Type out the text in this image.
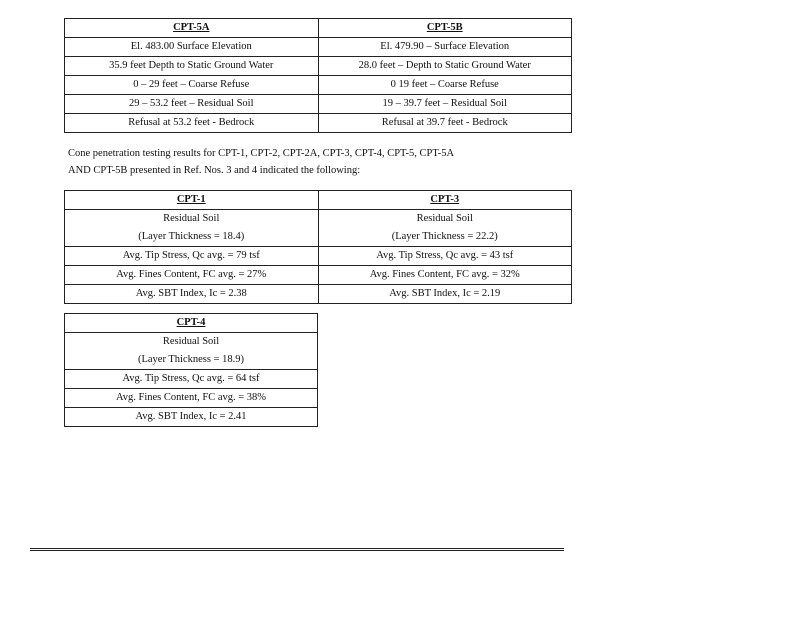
CPT-5A	CPT-5B
El. 483.00 Surface Elevation	El. 479.90 – Surface Elevation
35.9 feet Depth to Static Ground Water	28.0 feet – Depth to Static Ground Water
0 – 29 feet – Coarse Refuse	0 19 feet – Coarse Refuse
29 – 53.2 feet – Residual Soil	19 – 39.7 feet – Residual Soil
Refusal at 53.2 feet - Bedrock	Refusal at 39.7 feet - Bedrock
Cone penetration testing results for CPT-1, CPT-2, CPT-2A, CPT-3, CPT-4, CPT-5, CPT-5A
AND CPT-5B presented in Ref. Nos. 3 and 4 indicated the following:
CPT-1	CPT-3
Residual Soil	Residual Soil
(Layer Thickness = 18.4)	(Layer Thickness = 22.2)
Avg. Tip Stress, Qc avg. = 79 tsf	Avg. Tip Stress, Qc avg. = 43 tsf
Avg. Fines Content, FC avg. = 27%	Avg. Fines Content, FC avg. = 32%
Avg. SBT Index, Ic = 2.38	Avg. SBT Index, Ic = 2.19
CPT-4
Residual Soil
(Layer Thickness = 18.9)
Avg. Tip Stress, Qc avg. = 64 tsf
Avg. Fines Content, FC avg. = 38%
Avg. SBT Index, Ic = 2.41
